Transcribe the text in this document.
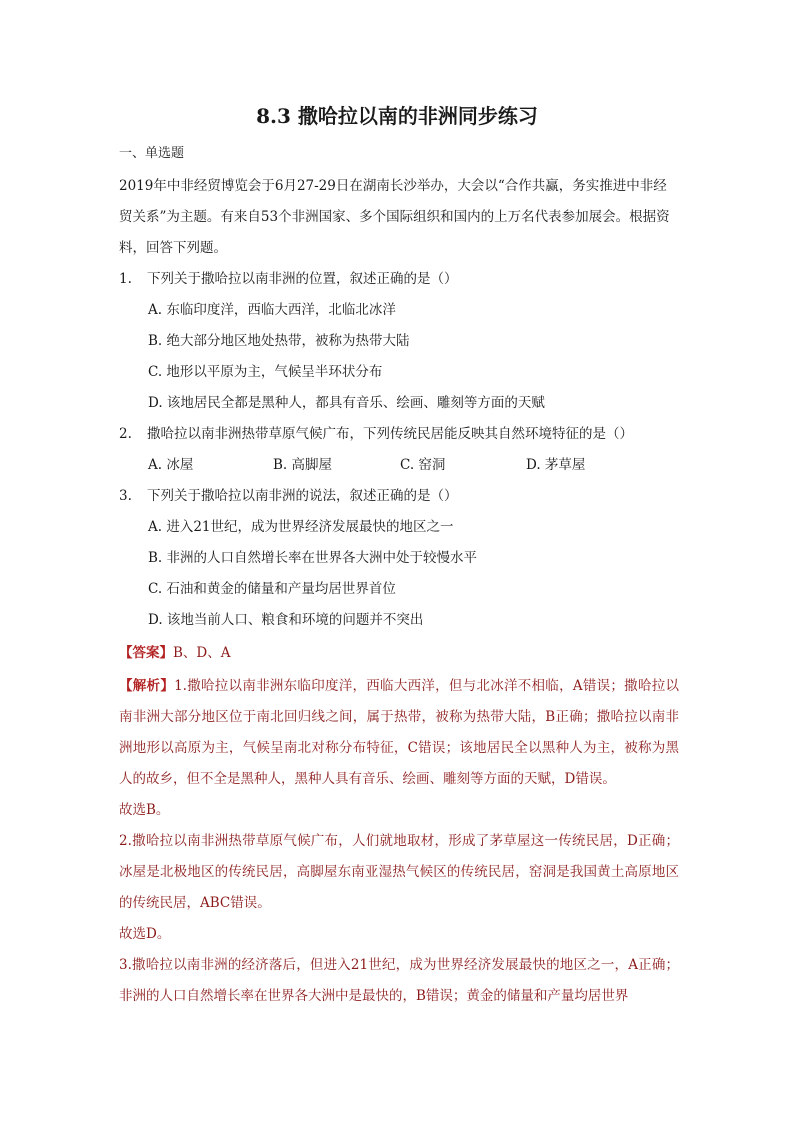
8.3 撒哈拉以南的非洲同步练习

一、单选题

2019年中非经贸博览会于6月27-29日在湖南长沙举办，大会以“合作共赢，务实推进中非经贸关系”为主题。有来自53个非洲国家、多个国际组织和国内的上万名代表参加展会。根据资料，回答下列题。

1. 下列关于撒哈拉以南非洲的位置，叙述正确的是（）

A. 东临印度洋，西临大西洋，北临北冰洋
B. 绝大部分地区地处热带，被称为热带大陆
C. 地形以平原为主，气候呈半环状分布
D. 该地居民全都是黑种人，都具有音乐、绘画、雕刻等方面的天赋

2. 撒哈拉以南非洲热带草原气候广布，下列传统民居能反映其自然环境特征的是（）

A. 冰屋	B. 高脚屋	C. 窑洞	D. 茅草屋

3. 下列关于撒哈拉以南非洲的说法，叙述正确的是（）

A. 进入21世纪，成为世界经济发展最快的地区之一
B. 非洲的人口自然增长率在世界各大洲中处于较慢水平
C. 石油和黄金的储量和产量均居世界首位
D. 该地当前人口、粮食和环境的问题并不突出

【答案】B、D、A

【解析】1.撒哈拉以南非洲东临印度洋，西临大西洋，但与北冰洋不相临，A错误；撒哈拉以南非洲大部分地区位于南北回归线之间，属于热带，被称为热带大陆，B正确；撒哈拉以南非洲地形以高原为主，气候呈南北对称分布特征，C错误；该地居民全以黑种人为主，被称为黑人的故乡，但不全是黑种人，黑种人具有音乐、绘画、雕刻等方面的天赋，D错误。

故选B。

2.撒哈拉以南非洲热带草原气候广布，人们就地取材，形成了茅草屋这一传统民居，D正确；冰屋是北极地区的传统民居，高脚屋东南亚湿热气候区的传统民居，窑洞是我国黄土高原地区的传统民居，ABC错误。

故选D。

3.撒哈拉以南非洲的经济落后，但进入21世纪，成为世界经济发展最快的地区之一，A正确；非洲的人口自然增长率在世界各大洲中是最快的，B错误；黄金的储量和产量均居世界
